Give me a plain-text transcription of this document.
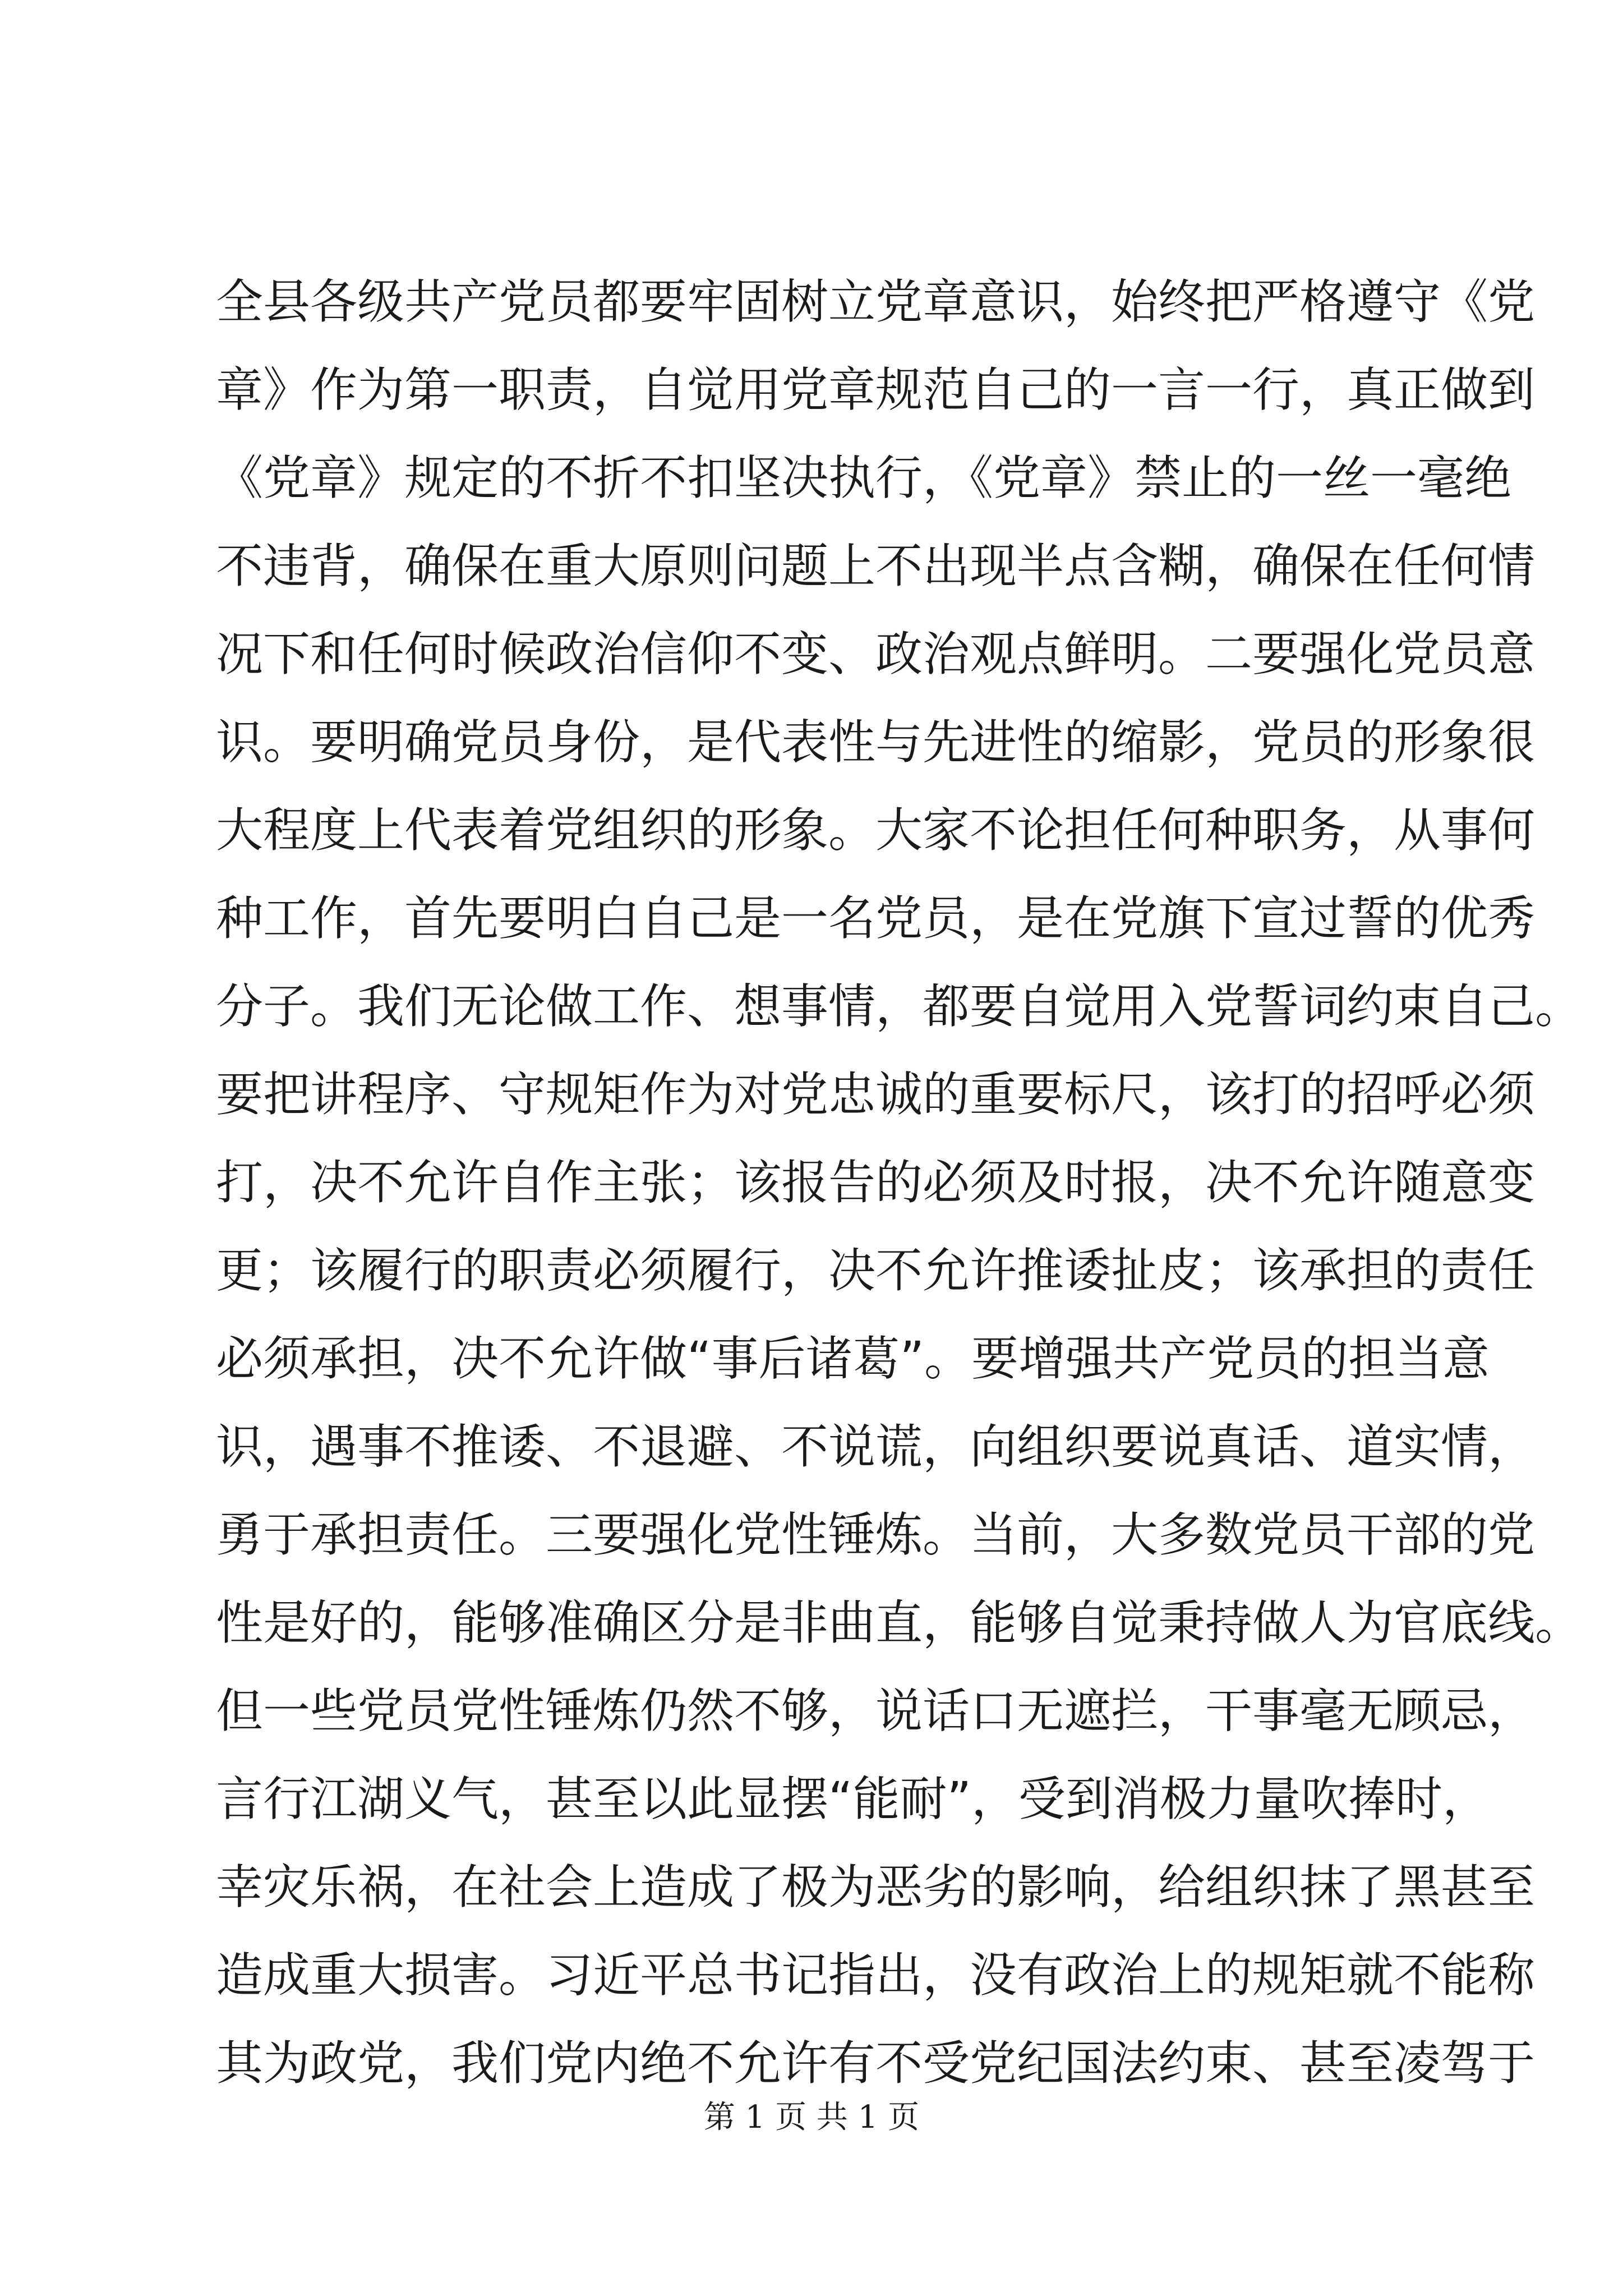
全县各级共产党员都要牢固树立党章意识，始终把严格遵守《党
章》作为第一职责，自觉用党章规范自己的一言一行，真正做到
《党章》规定的不折不扣坚决执行，《党章》禁止的一丝一毫绝
不违背，确保在重大原则问题上不出现半点含糊，确保在任何情
况下和任何时候政治信仰不变、政治观点鲜明。二要强化党员意
识。要明确党员身份，是代表性与先进性的缩影，党员的形象很
大程度上代表着党组织的形象。大家不论担任何种职务，从事何
种工作，首先要明白自己是一名党员，是在党旗下宣过誓的优秀
分子。我们无论做工作、想事情，都要自觉用入党誓词约束自己。
要把讲程序、守规矩作为对党忠诚的重要标尺，该打的招呼必须
打，决不允许自作主张；该报告的必须及时报，决不允许随意变
更；该履行的职责必须履行，决不允许推诿扯皮；该承担的责任
必须承担，决不允许做“事后诸葛”。要增强共产党员的担当意
识，遇事不推诿、不退避、不说谎，向组织要说真话、道实情，
勇于承担责任。三要强化党性锤炼。当前，大多数党员干部的党
性是好的，能够准确区分是非曲直，能够自觉秉持做人为官底线。
但一些党员党性锤炼仍然不够，说话口无遮拦，干事毫无顾忌，
言行江湖义气，甚至以此显摆“能耐”，受到消极力量吹捧时，
幸灾乐祸，在社会上造成了极为恶劣的影响，给组织抹了黑甚至
造成重大损害。习近平总书记指出，没有政治上的规矩就不能称
其为政党，我们党内绝不允许有不受党纪国法约束、甚至凌驾于
第 1 页 共 1 页
